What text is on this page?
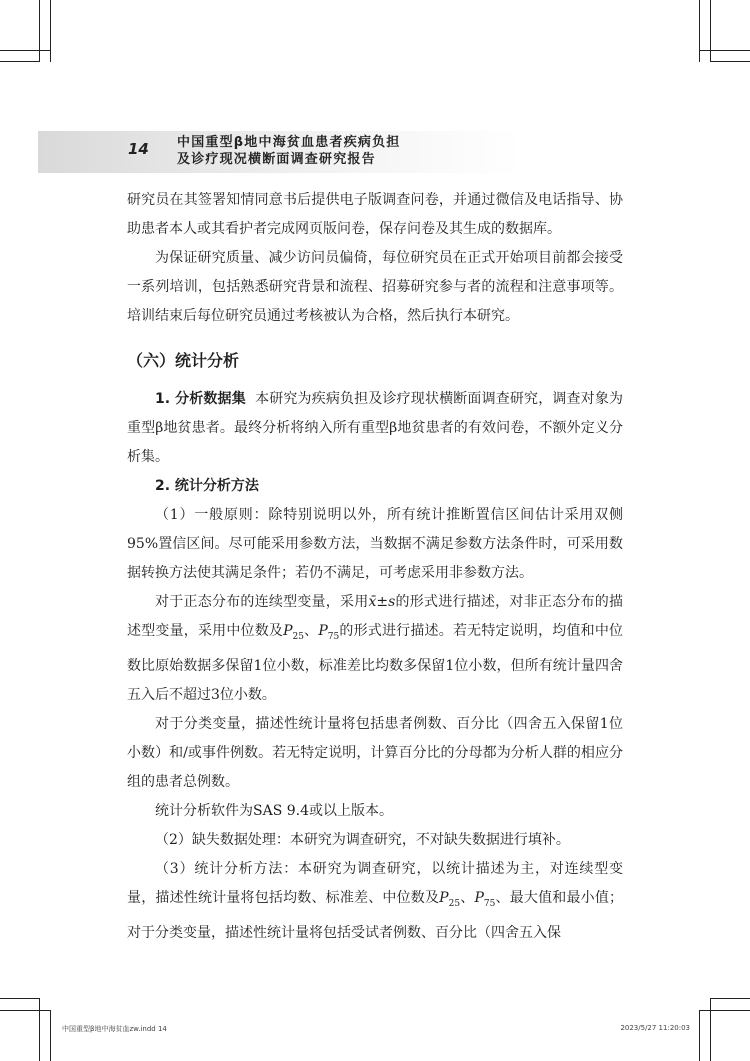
14	中国重型β地中海贫血患者疾病负担
及诊疗现况横断面调查研究报告

研究员在其签署知情同意书后提供电子版调查问卷，并通过微信及电话指导、协助患者本人或其看护者完成网页版问卷，保存问卷及其生成的数据库。

为保证研究质量、减少访问员偏倚，每位研究员在正式开始项目前都会接受一系列培训，包括熟悉研究背景和流程、招募研究参与者的流程和注意事项等。培训结束后每位研究员通过考核被认为合格，然后执行本研究。

（六）统计分析

1. 分析数据集 本研究为疾病负担及诊疗现状横断面调查研究，调查对象为重型β地贫患者。最终分析将纳入所有重型β地贫患者的有效问卷，不额外定义分析集。

2. 统计分析方法

（1）一般原则：除特别说明以外，所有统计推断置信区间估计采用双侧95%置信区间。尽可能采用参数方法，当数据不满足参数方法条件时，可采用数据转换方法使其满足条件；若仍不满足，可考虑采用非参数方法。

对于正态分布的连续型变量，采用x̄±s的形式进行描述，对非正态分布的描述型变量，采用中位数及$P_{25}$、$P_{75}$的形式进行描述。若无特定说明，均值和中位数比原始数据多保留1位小数，标准差比均数多保留1位小数，但所有统计量四舍五入后不超过3位小数。

对于分类变量，描述性统计量将包括患者例数、百分比（四舍五入保留1位小数）和/或事件例数。若无特定说明，计算百分比的分母都为分析人群的相应分组的患者总例数。

统计分析软件为SAS 9.4或以上版本。

（2）缺失数据处理：本研究为调查研究，不对缺失数据进行填补。

（3）统计分析方法：本研究为调查研究，以统计描述为主，对连续型变量，描述性统计量将包括均数、标准差、中位数及$P_{25}$、$P_{75}$、最大值和最小值；对于分类变量，描述性统计量将包括受试者例数、百分比（四舍五入保

中国重型β地中海贫血zw.indd 14	2023/5/27 11:20:03
